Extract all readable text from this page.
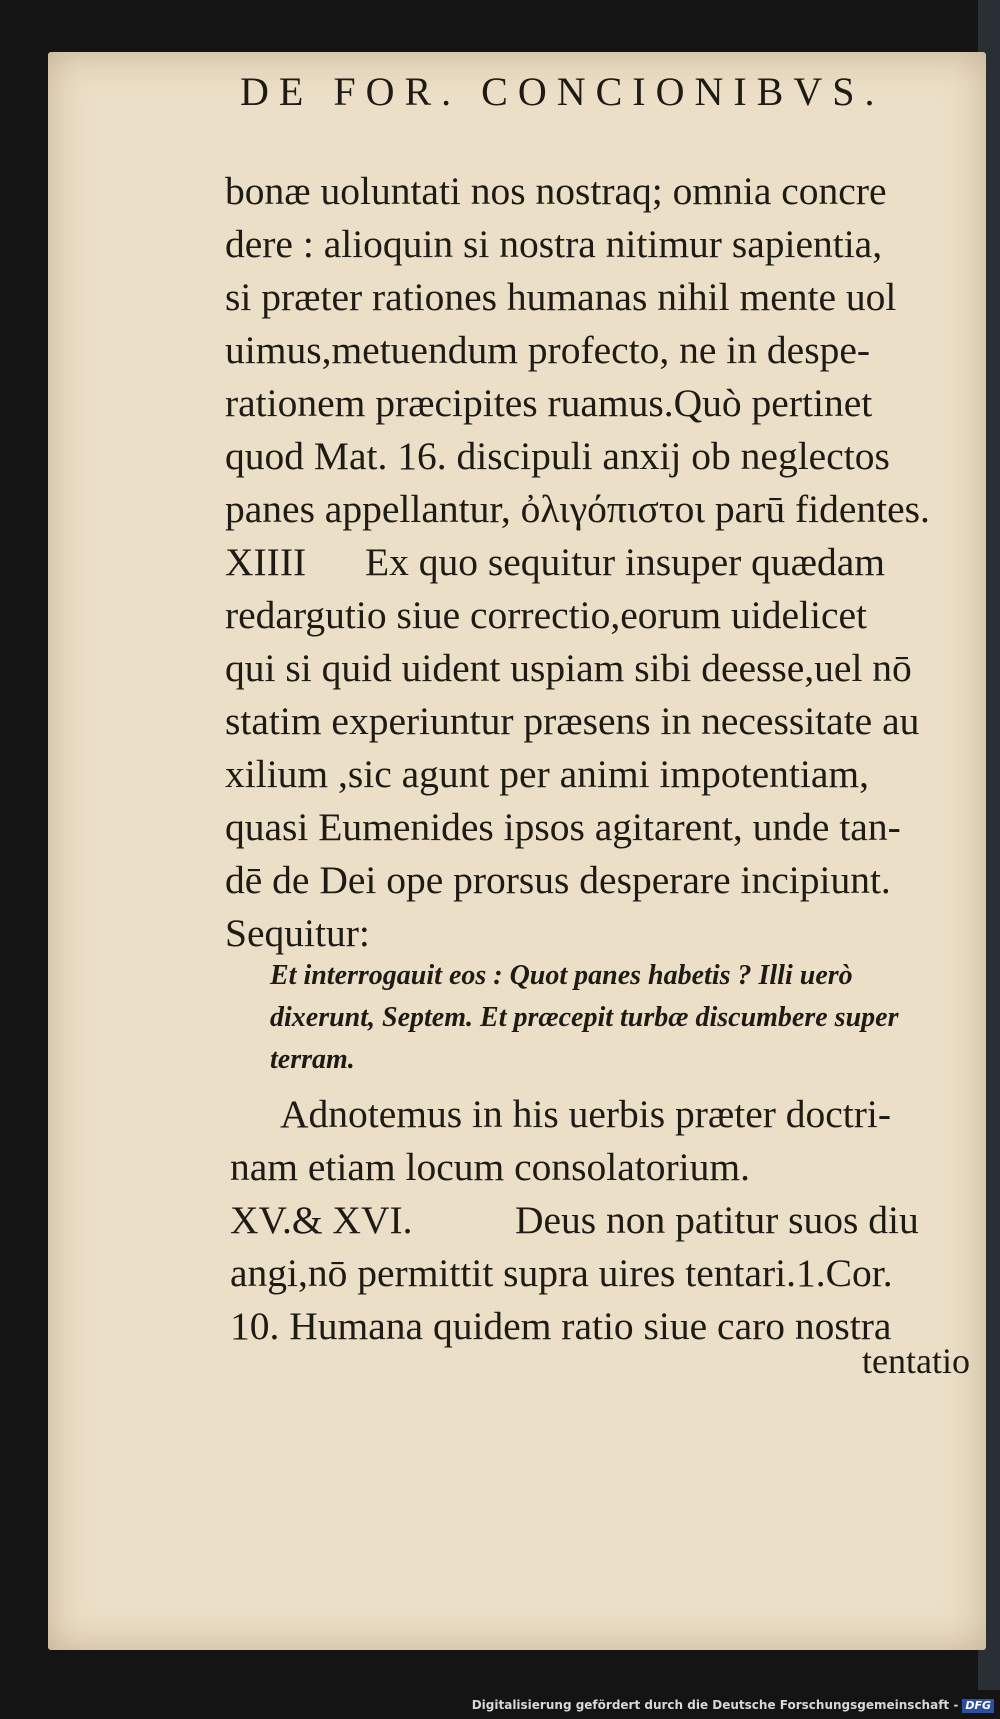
DE FOR. CONCIONIBVS.
bonæ uoluntati nos nostraq; omnia concre
dere : alioquin si nostra nitimur sapientia,
si præter rationes humanas nihil mente uol
uimus,metuendum profecto, ne in despe-
rationem præcipites ruamus.Quò pertinet
quod Mat. 16. discipuli anxij ob neglectos
panes appellantur, ὀλιγόπιστοι parū fidentes.
XIIII Ex quo sequitur insuper quædam
redargutio siue correctio,eorum uidelicet
qui si quid uident uspiam sibi deesse,uel nō
statim experiuntur præsens in necessitate au
xilium ,sic agunt per animi impotentiam,
quasi Eumenides ipsos agitarent, unde tan-
dē de Dei ope prorsus desperare incipiunt.
Sequitur:
Et interrogauit eos : Quot panes habetis ? Illi uerò
dixerunt, Septem. Et præcepit turbæ discumbere super
terram.
Adnotemus in his uerbis præter doctri-
nam etiam locum consolatorium.
XV.& XVI.	Deus non patitur suos diu
angi,nō permittit supra uires tentari.1.Cor.
10. Humana quidem ratio siue caro nostra
tentatio
Digitalisierung gefördert durch die Deutsche Forschungsgemeinschaft - DFG
